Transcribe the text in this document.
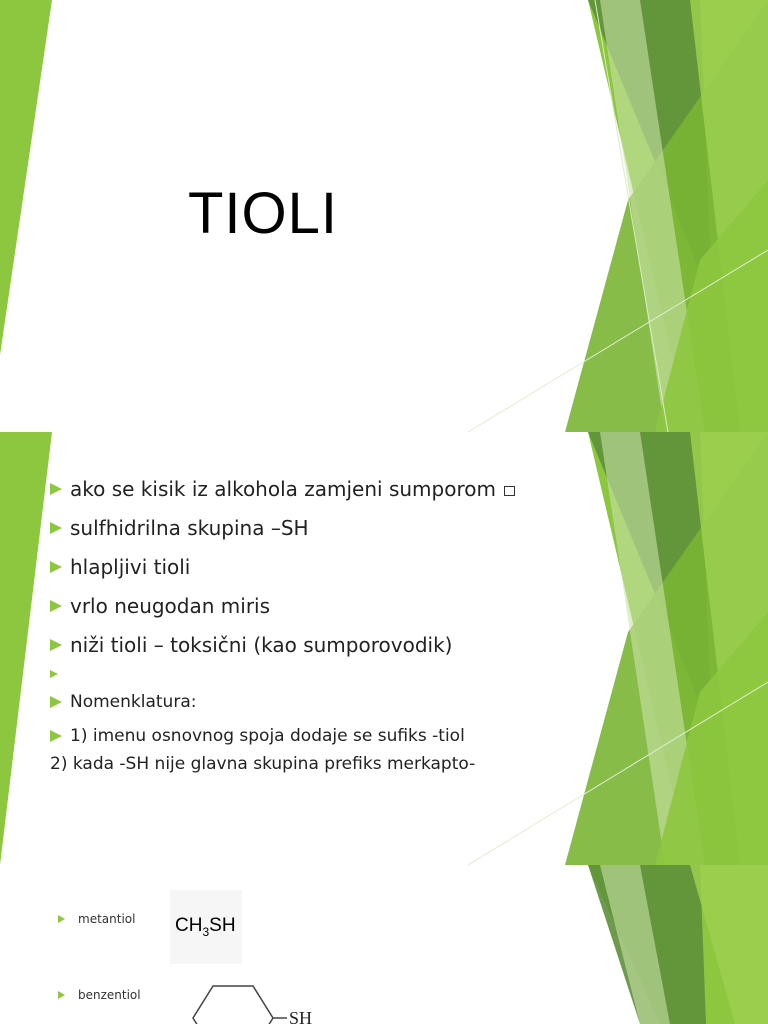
TIOLI
ako se kisik iz alkohola zamjeni sumporom
sulfhidrilna skupina –SH
hlapljivi tioli
vrlo neugodan miris
niži tioli – toksični (kao sumporovodik)
Nomenklatura:
1) imenu osnovnog spoja dodaje se sufiks -tiol
2) kada -SH nije glavna skupina prefiks merkapto-
metantiol $CH_3SH$
benzentiol
SH
